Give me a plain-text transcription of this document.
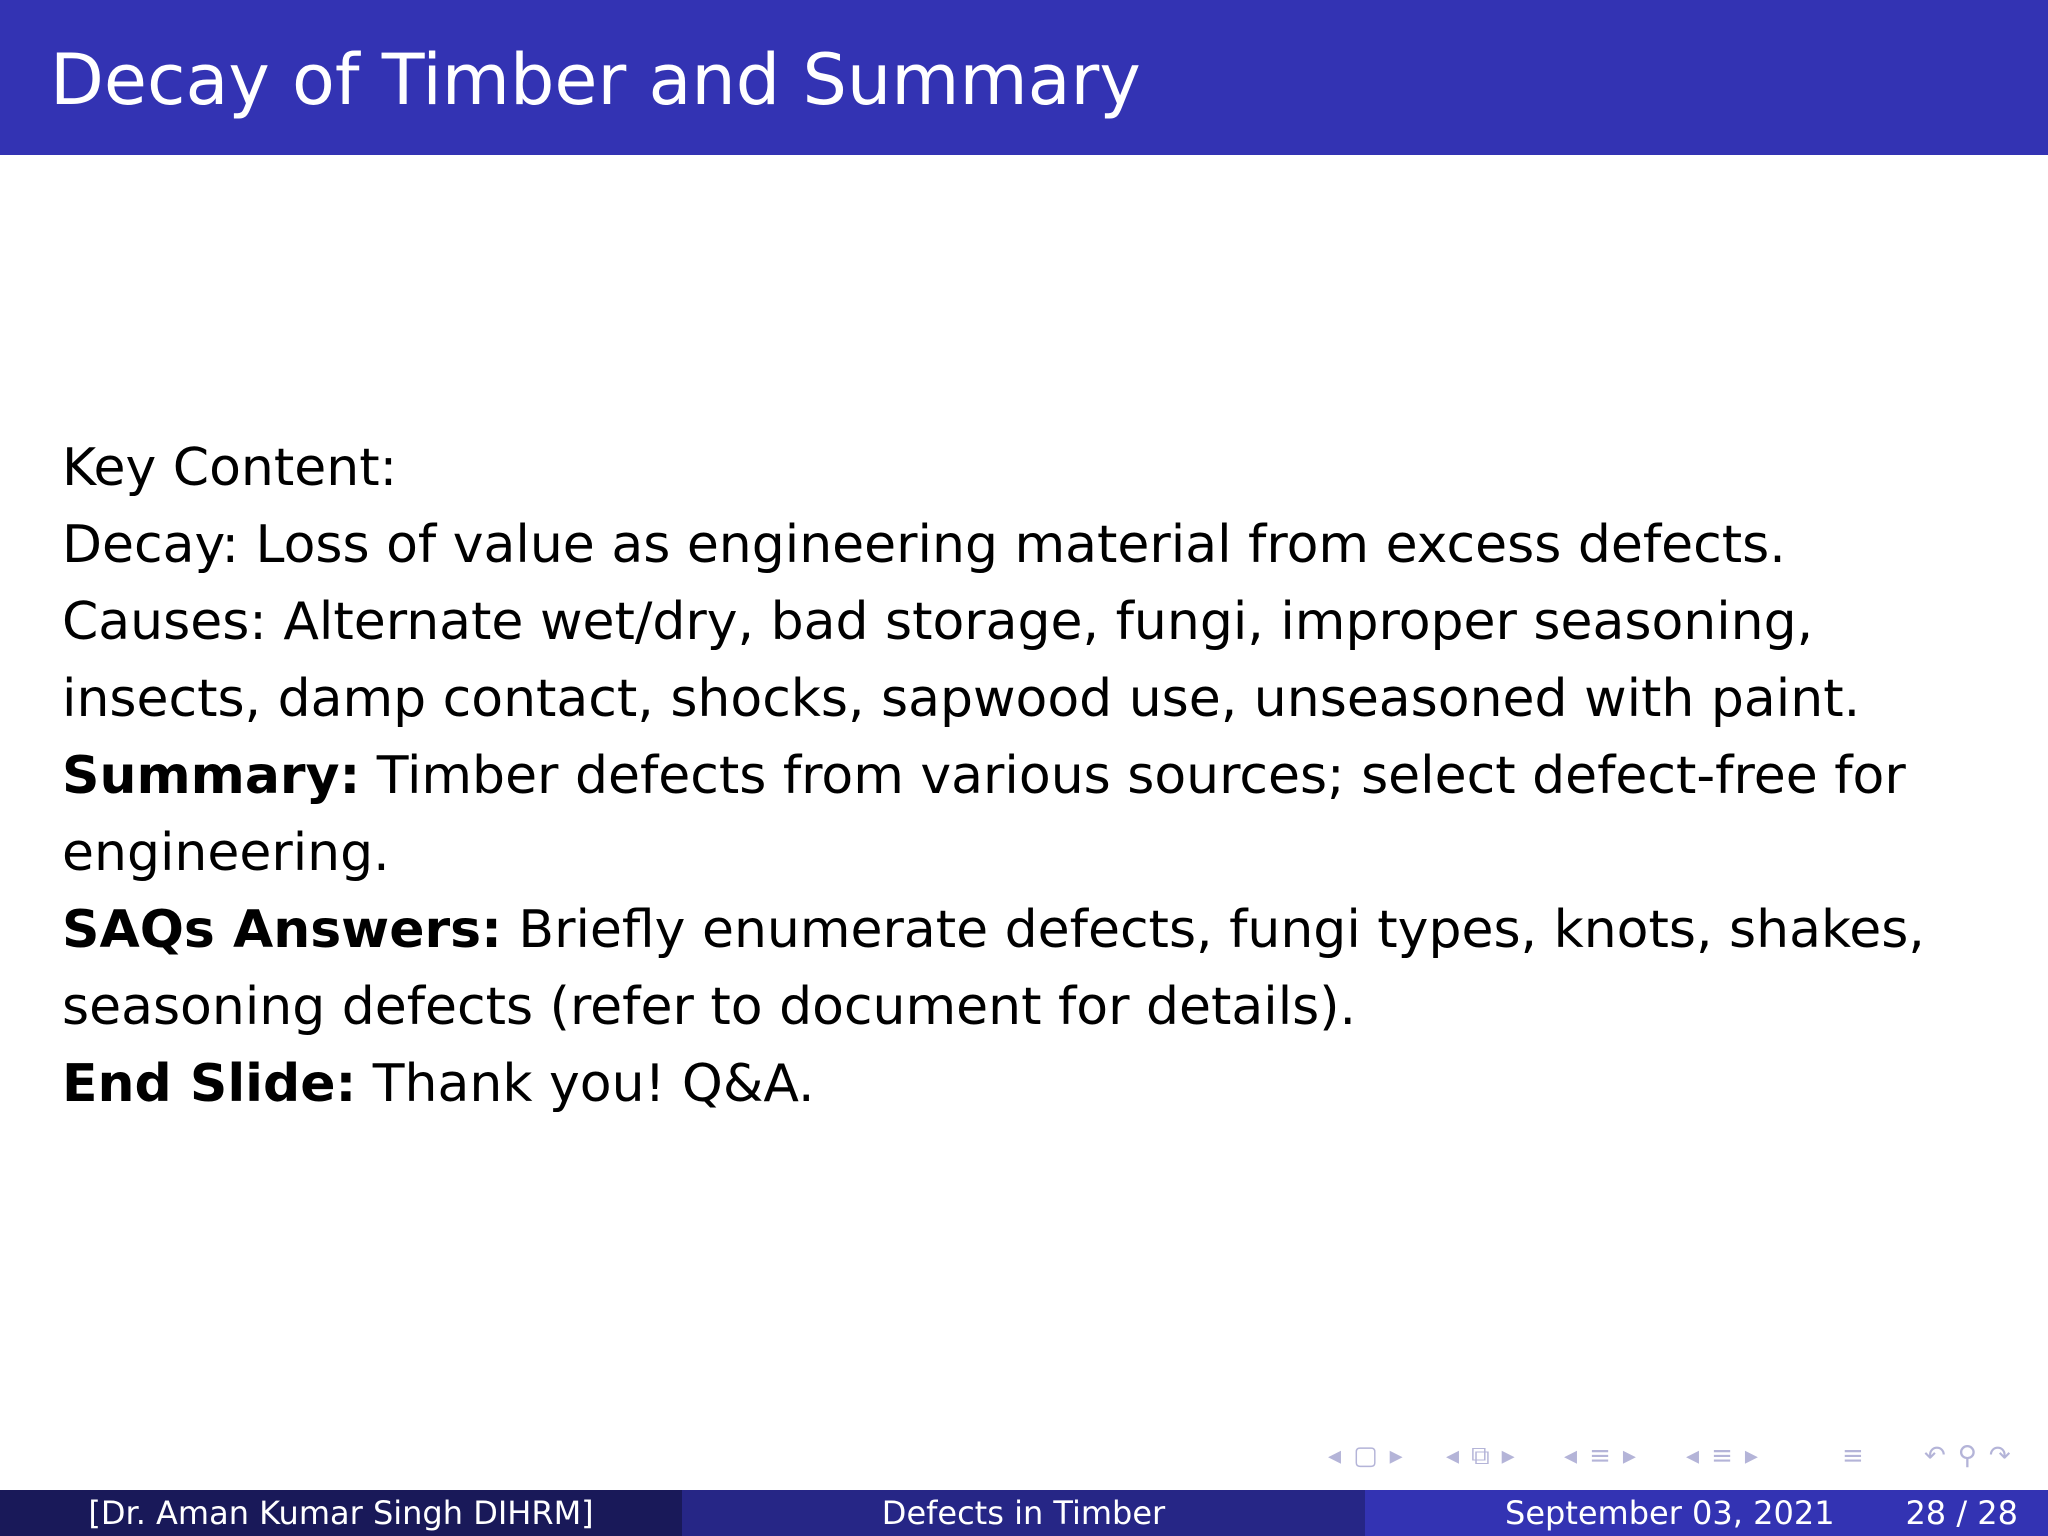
Decay of Timber and Summary

Key Content:

Decay: Loss of value as engineering material from excess defects. Causes: Alternate wet/dry, bad storage, fungi, improper seasoning, insects, damp contact, shocks, sapwood use, unseasoned with paint.

Summary: Timber defects from various sources; select defect-free for engineering.

SAQs Answers: Briefly enumerate defects, fungi types, knots, shakes, seasoning defects (refer to document for details).

End Slide: Thank you! Q&A.

◂ ▢ ▸ ◂ ⧉ ▸ ◂ ≡ ▸ ◂ ≡ ▸	≡ ↶ ⚲ ↷
[Dr. Aman Kumar Singh DIHRM]	Defects in Timber	September 03, 2021 28 / 28
